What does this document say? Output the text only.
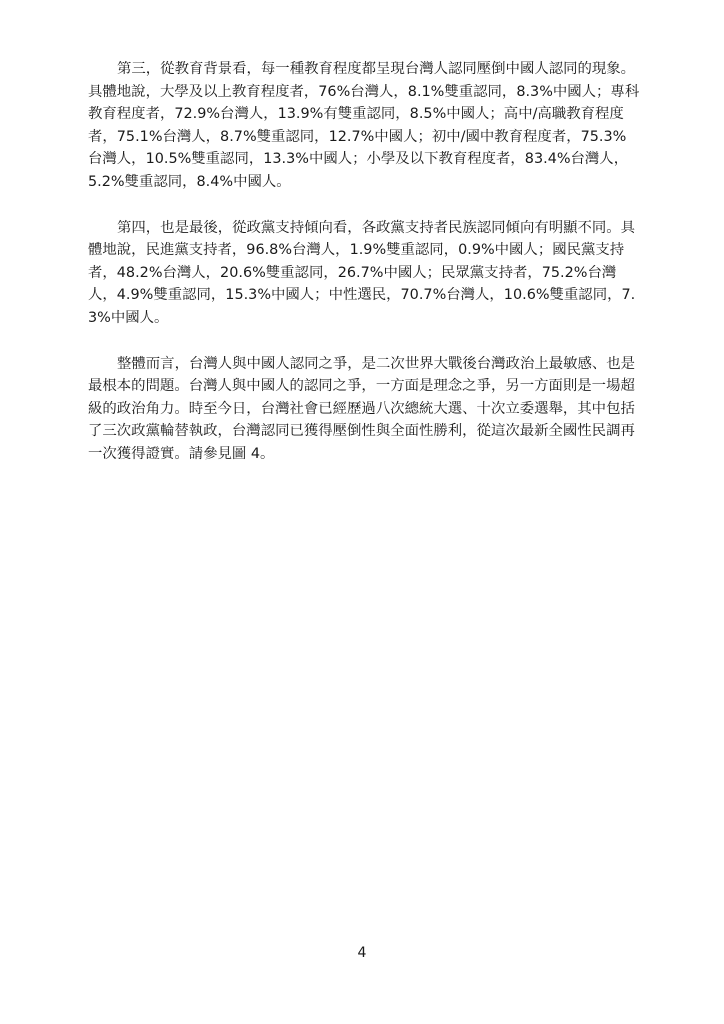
第三，從教育背景看，每一種教育程度都呈現台灣人認同壓倒中國人認同的現象。具體地說，大學及以上教育程度者，76%台灣人，8.1%雙重認同，8.3%中國人；專科教育程度者，72.9%台灣人，13.9%有雙重認同，8.5%中國人；高中/高職教育程度者，75.1%台灣人，8.7%雙重認同，12.7%中國人；初中/國中教育程度者，75.3%台灣人，10.5%雙重認同，13.3%中國人；小學及以下教育程度者，83.4%台灣人，5.2%雙重認同，8.4%中國人。

第四，也是最後，從政黨支持傾向看，各政黨支持者民族認同傾向有明顯不同。具體地說，民進黨支持者，96.8%台灣人，1.9%雙重認同，0.9%中國人；國民黨支持者，48.2%台灣人，20.6%雙重認同，26.7%中國人；民眾黨支持者，75.2%台灣人，4.9%雙重認同，15.3%中國人；中性選民，70.7%台灣人，10.6%雙重認同，7.3%中國人。

整體而言，台灣人與中國人認同之爭，是二次世界大戰後台灣政治上最敏感、也是最根本的問題。台灣人與中國人的認同之爭，一方面是理念之爭，另一方面則是一場超級的政治角力。時至今日，台灣社會已經歷過八次總統大選、十次立委選舉，其中包括了三次政黨輪替執政，台灣認同已獲得壓倒性與全面性勝利，從這次最新全國性民調再一次獲得證實。請參見圖 4。

4
